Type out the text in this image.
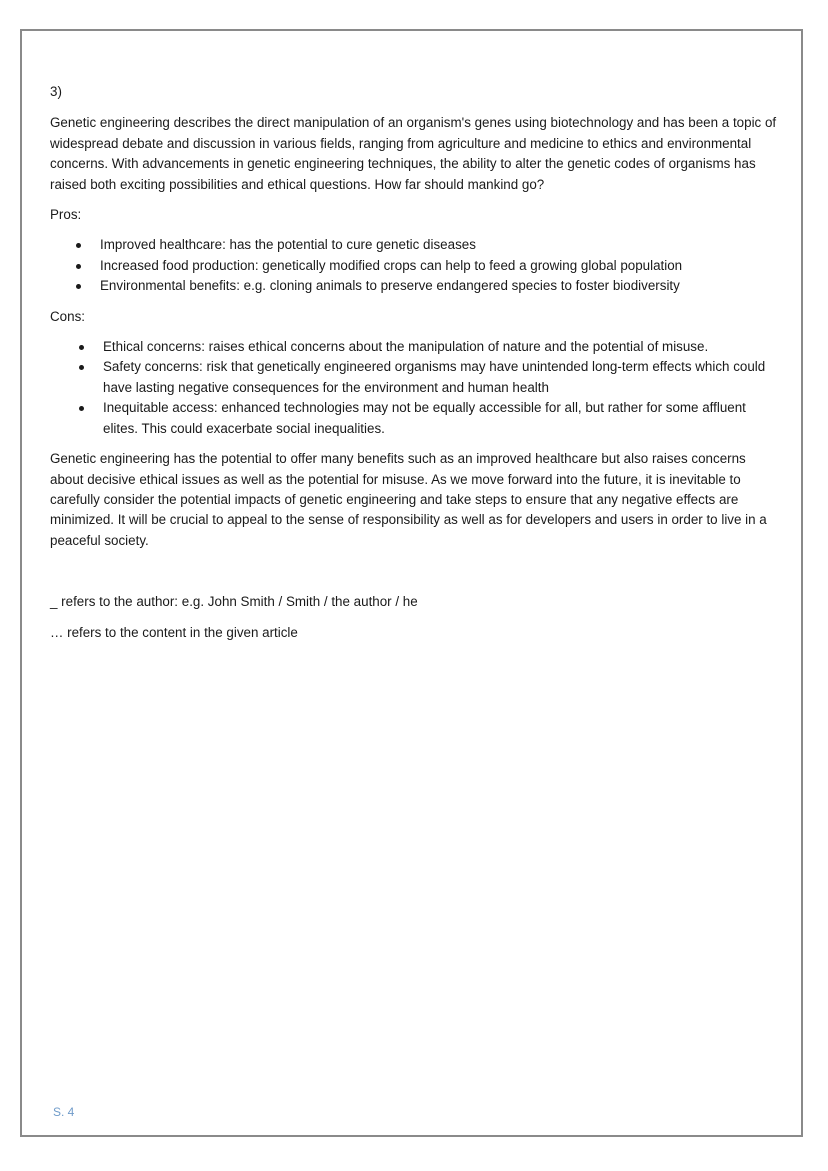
3)

Genetic engineering describes the direct manipulation of an organism's genes using biotechnology and has been a topic of widespread debate and discussion in various fields, ranging from agriculture and medicine to ethics and environmental concerns. With advancements in genetic engineering techniques, the ability to alter the genetic codes of organisms has raised both exciting possibilities and ethical questions. How far should mankind go?

Pros:

Improved healthcare: has the potential to cure genetic diseases
Increased food production: genetically modified crops can help to feed a growing global population
Environmental benefits: e.g. cloning animals to preserve endangered species to foster biodiversity

Cons:

Ethical concerns: raises ethical concerns about the manipulation of nature and the potential of misuse.
Safety concerns: risk that genetically engineered organisms may have unintended long-term effects which could have lasting negative consequences for the environment and human health
Inequitable access: enhanced technologies may not be equally accessible for all, but rather for some affluent elites. This could exacerbate social inequalities.

Genetic engineering has the potential to offer many benefits such as an improved healthcare but also raises concerns about decisive ethical issues as well as the potential for misuse. As we move forward into the future, it is inevitable to carefully consider the potential impacts of genetic engineering and take steps to ensure that any negative effects are minimized. It will be crucial to appeal to the sense of responsibility as well as for developers and users in order to live in a peaceful society.

_ refers to the author: e.g. John Smith / Smith / the author / he

… refers to the content in the given article

S. 4
